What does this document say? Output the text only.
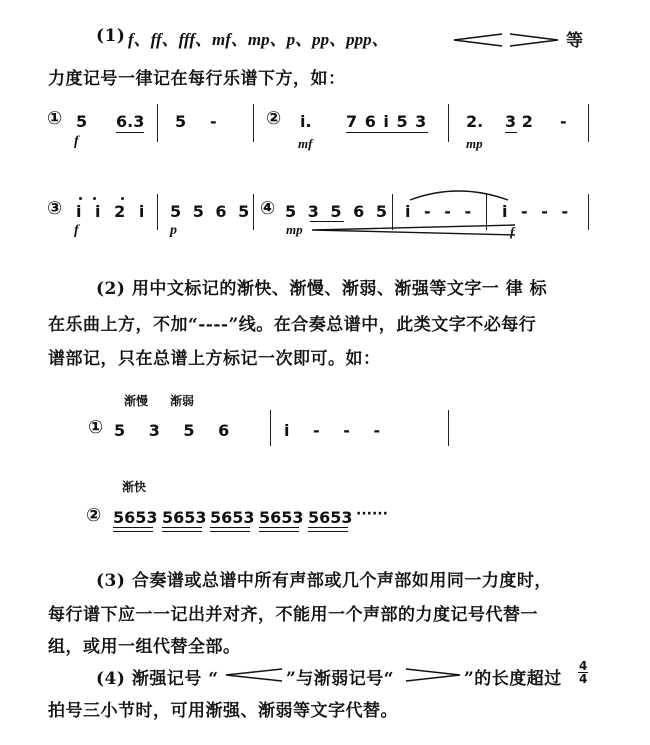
(1) f、ff、fff、mf、mp、p、pp、ppp、	等
力度记号一律记在每行乐谱下方，如：
① 5 6.3
f
5 -	② i.
mf
7 6 i 5 3 2.
mp
3 2 -
③ i i 2 i
f
5 5 6 5
p
④ 5 3 5 6 5
mp
i - - - i - - -
f
(2) 用中文标记的渐快、渐慢、渐弱、渐强等文字一 律 标
在乐曲上方，不加“----”线。在合奏总谱中，此类文字不必每行
谱部记，只在总谱上方标记一次即可。如：
渐慢 渐弱
① 5 3 5 6	i - - -
渐快
② 5653 5653 5653 5653 5653 ······
(3) 合奏谱或总谱中所有声部或几个声部如用同一力度时，
每行谱下应一一记出并对齐，不能用一个声部的力度记号代替一
组，或用一组代替全部。
(4) 渐强记号 “	”与渐弱记号“	”的长度超过 $\frac{4}{4}$
拍号三小节时，可用渐强、渐弱等文字代替。
